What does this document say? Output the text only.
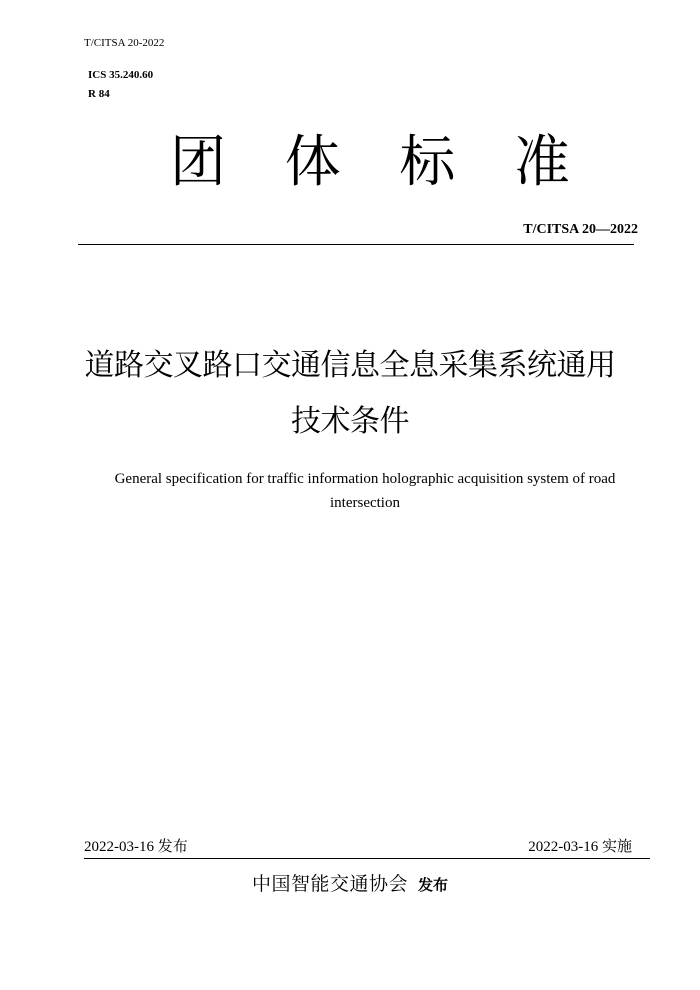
T/CITSA 20-2022
ICS 35.240.60
R 84
团 体 标 准
T/CITSA 20—2022
道路交叉路口交通信息全息采集系统通用
技术条件
General specification for traffic information holographic acquisition system of road
intersection
2022-03-16 发布	2022-03-16 实施
中国智能交通协会 发布
